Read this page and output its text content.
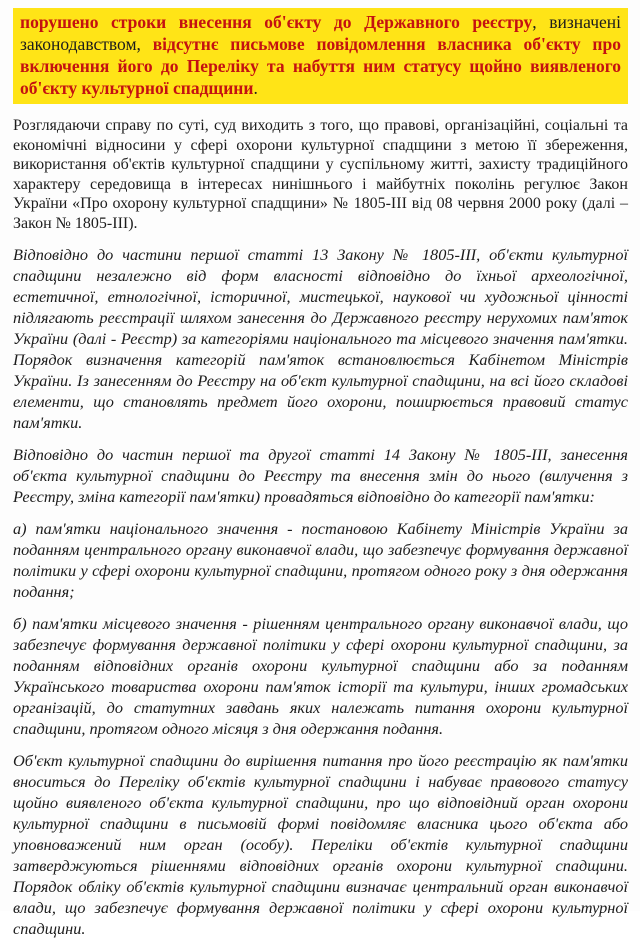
порушено строки внесення об'єкту до Державного реєстру, визначені законодавством, відсутнє письмове повідомлення власника об'єкту про включення його до Переліку та набуття ним статусу щойно виявленого об'єкту культурної спадщини.

Розглядаючи справу по суті, суд виходить з того, що правові, організаційні, соціальні та економічні відносини у сфері охорони культурної спадщини з метою її збереження, використання об'єктів культурної спадщини у суспільному житті, захисту традиційного характеру середовища в інтересах нинішнього і майбутніх поколінь регулює Закон України «Про охорону культурної спадщини» № 1805-III від 08 червня 2000 року (далі – Закон № 1805-III).

Відповідно до частини першої статті 13 Закону № 1805-III, об'єкти культурної спадщини незалежно від форм власності відповідно до їхньої археологічної, естетичної, етнологічної, історичної, мистецької, наукової чи художньої цінності підлягають реєстрації шляхом занесення до Державного реєстру нерухомих пам'яток України (далі - Реєстр) за категоріями національного та місцевого значення пам'ятки. Порядок визначення категорій пам'яток встановлюється Кабінетом Міністрів України. Із занесенням до Реєстру на об'єкт культурної спадщини, на всі його складові елементи, що становлять предмет його охорони, поширюється правовий статус пам'ятки.

Відповідно до частин першої та другої статті 14 Закону № 1805-III, занесення об'єкта культурної спадщини до Реєстру та внесення змін до нього (вилучення з Реєстру, зміна категорії пам'ятки) провадяться відповідно до категорії пам'ятки:

а) пам'ятки національного значення - постановою Кабінету Міністрів України за поданням центрального органу виконавчої влади, що забезпечує формування державної політики у сфері охорони культурної спадщини, протягом одного року з дня одержання подання;

б) пам'ятки місцевого значення - рішенням центрального органу виконавчої влади, що забезпечує формування державної політики у сфері охорони культурної спадщини, за поданням відповідних органів охорони культурної спадщини або за поданням Українського товариства охорони пам'яток історії та культури, інших громадських організацій, до статутних завдань яких належать питання охорони культурної спадщини, протягом одного місяця з дня одержання подання.

Об'єкт культурної спадщини до вирішення питання про його реєстрацію як пам'ятки вноситься до Переліку об'єктів культурної спадщини і набуває правового статусу щойно виявленого об'єкта культурної спадщини, про що відповідний орган охорони культурної спадщини в письмовій формі повідомляє власника цього об'єкта або уповноважений ним орган (особу). Переліки об'єктів культурної спадщини затверджуються рішеннями відповідних органів охорони культурної спадщини. Порядок обліку об'єктів культурної спадщини визначає центральний орган виконавчої влади, що забезпечує формування державної політики у сфері охорони культурної спадщини.
